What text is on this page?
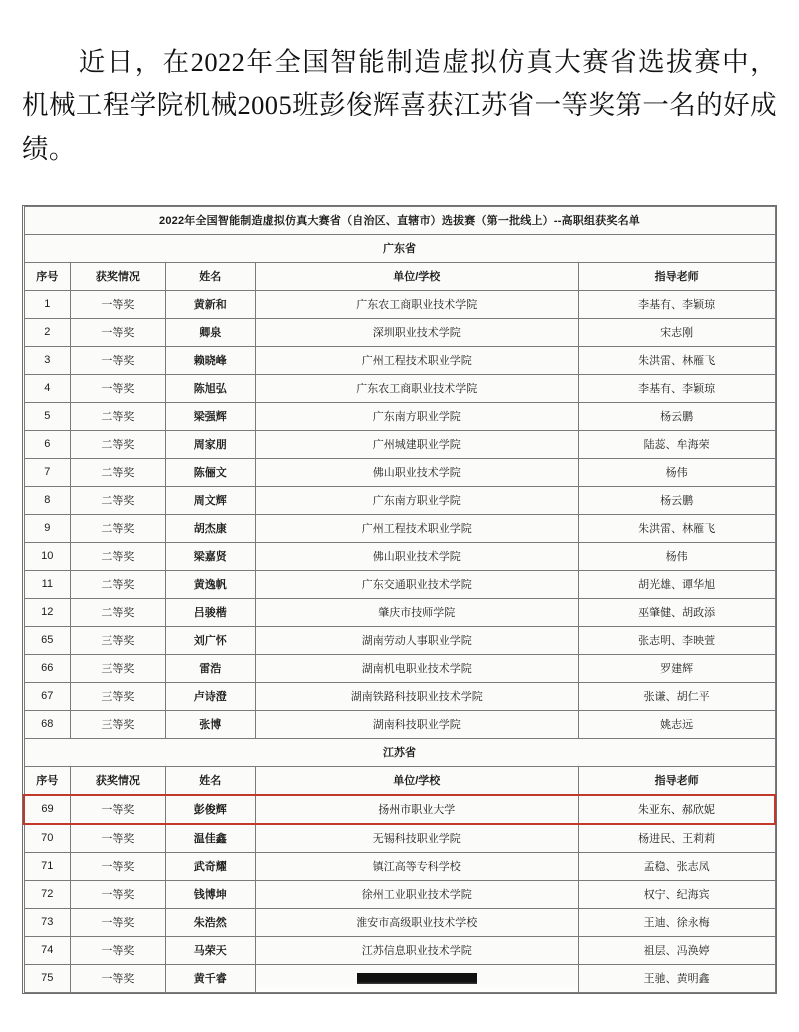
近日，在2022年全国智能制造虚拟仿真大赛省选拔赛中，机械工程学院机械2005班彭俊辉喜获江苏省一等奖第一名的好成绩。

2022年全国智能制造虚拟仿真大赛省（自治区、直辖市）选拔赛（第一批线上）--高职组获奖名单				
广东省				
序号	获奖情况	姓名	单位/学校	指导老师
1	一等奖	黄新和	广东农工商职业技术学院	李基有、李颖琼
2	一等奖	卿泉	深圳职业技术学院	宋志刚
3	一等奖	赖晓峰	广州工程技术职业学院	朱洪雷、林雁飞
4	一等奖	陈旭弘	广东农工商职业技术学院	李基有、李颖琼
5	二等奖	梁强辉	广东南方职业学院	杨云鹏
6	二等奖	周家朋	广州城建职业学院	陆蕊、牟海荣
7	二等奖	陈俪文	佛山职业技术学院	杨伟
8	二等奖	周文辉	广东南方职业学院	杨云鹏
9	二等奖	胡杰康	广州工程技术职业学院	朱洪雷、林雁飞
10	二等奖	梁嘉贤	佛山职业技术学院	杨伟
11	二等奖	黄逸帆	广东交通职业技术学院	胡光雄、谭华旭
12	二等奖	吕骏楷	肇庆市技师学院	巫肇健、胡政添
65	三等奖	刘广怀	湖南劳动人事职业学院	张志明、李映萱
66	三等奖	雷浩	湖南机电职业技术学院	罗建辉
67	三等奖	卢诗澄	湖南铁路科技职业技术学院	张谦、胡仁平
68	三等奖	张博	湖南科技职业学院	姚志远
江苏省				
序号	获奖情况	姓名	单位/学校	指导老师
69	一等奖	彭俊辉	扬州市职业大学	朱亚东、郝欣妮
70	一等奖	温佳鑫	无锡科技职业学院	杨进民、王莉莉
71	一等奖	武奇耀	镇江高等专科学校	孟稳、张志凤
72	一等奖	钱博坤	徐州工业职业技术学院	权宁、纪海宾
73	一等奖	朱浩然	淮安市高级职业技术学校	王迪、徐永梅
74	一等奖	马荣天	江苏信息职业技术学院	祖层、冯涣婷
75	一等奖	黄千睿		王驰、黄明鑫
